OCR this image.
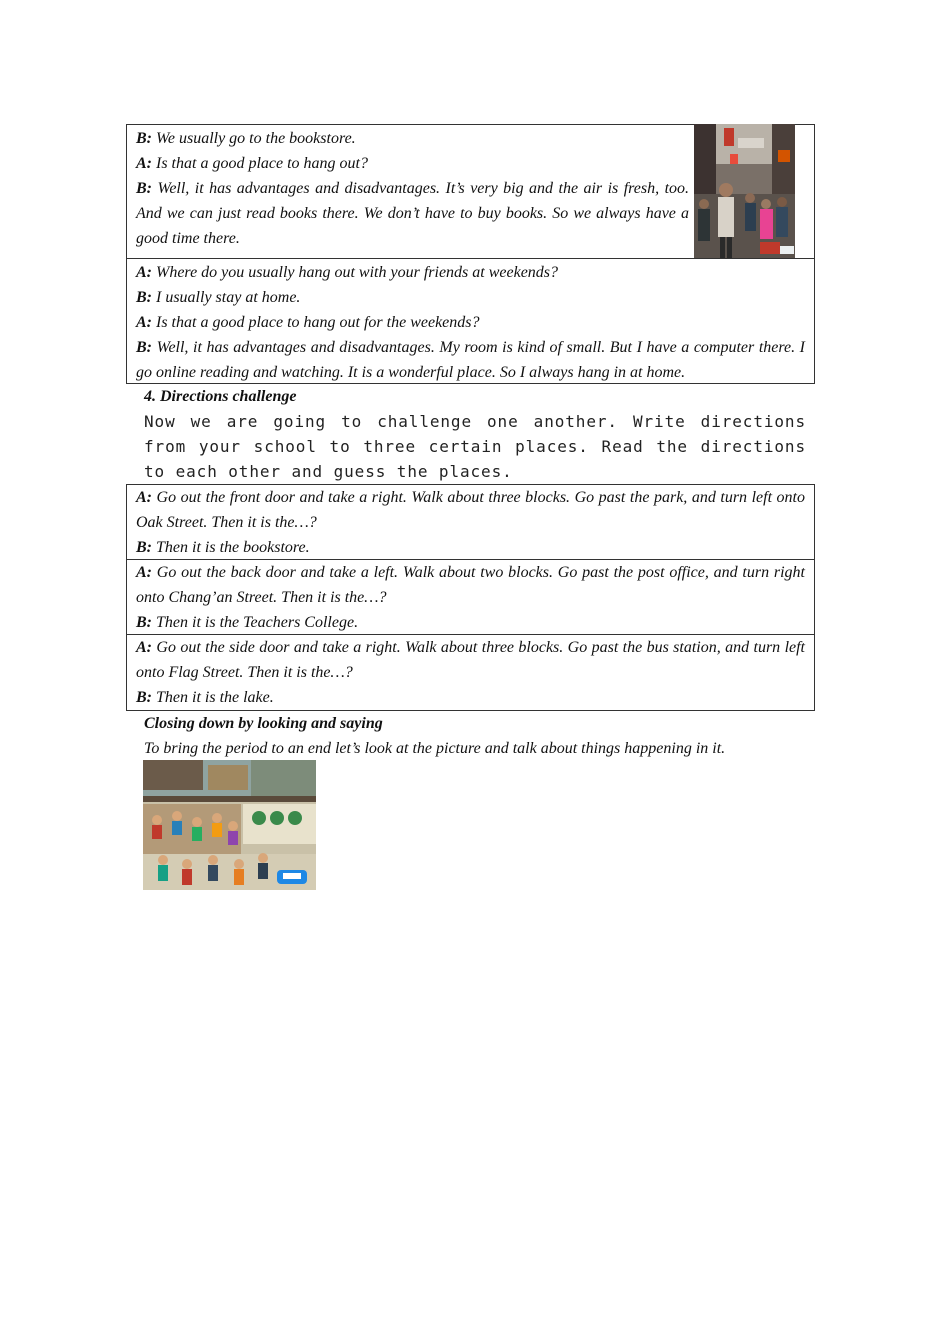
B: We usually go to the bookstore.
A: Is that a good place to hang out?
B: Well, it has advantages and disadvantages. It’s very big and the air is fresh, too. And we can just read books there. We don’t have to buy books. So we always have a good time there.
A: Where do you usually hang out with your friends at weekends?
B: I usually stay at home.
A: Is that a good place to hang out for the weekends?
B: Well, it has advantages and disadvantages. My room is kind of small. But I have a computer there. I go online reading and watching. It is a wonderful place. So I always hang in at home.
4. Directions challenge
Now we are going to challenge one another. Write directions from your school to three certain places. Read the directions to each other and guess the places.
A: Go out the front door and take a right. Walk about three blocks. Go past the park, and turn left onto Oak Street. Then it is the…?
B: Then it is the bookstore.
A: Go out the back door and take a left. Walk about two blocks. Go past the post office, and turn right onto Chang’an Street. Then it is the…?
B: Then it is the Teachers College.
A: Go out the side door and take a right. Walk about three blocks. Go past the bus station, and turn left onto Flag Street. Then it is the…?
B: Then it is the lake.
Closing down by looking and saying
To bring the period to an end let’s look at the picture and talk about things happening in it.
